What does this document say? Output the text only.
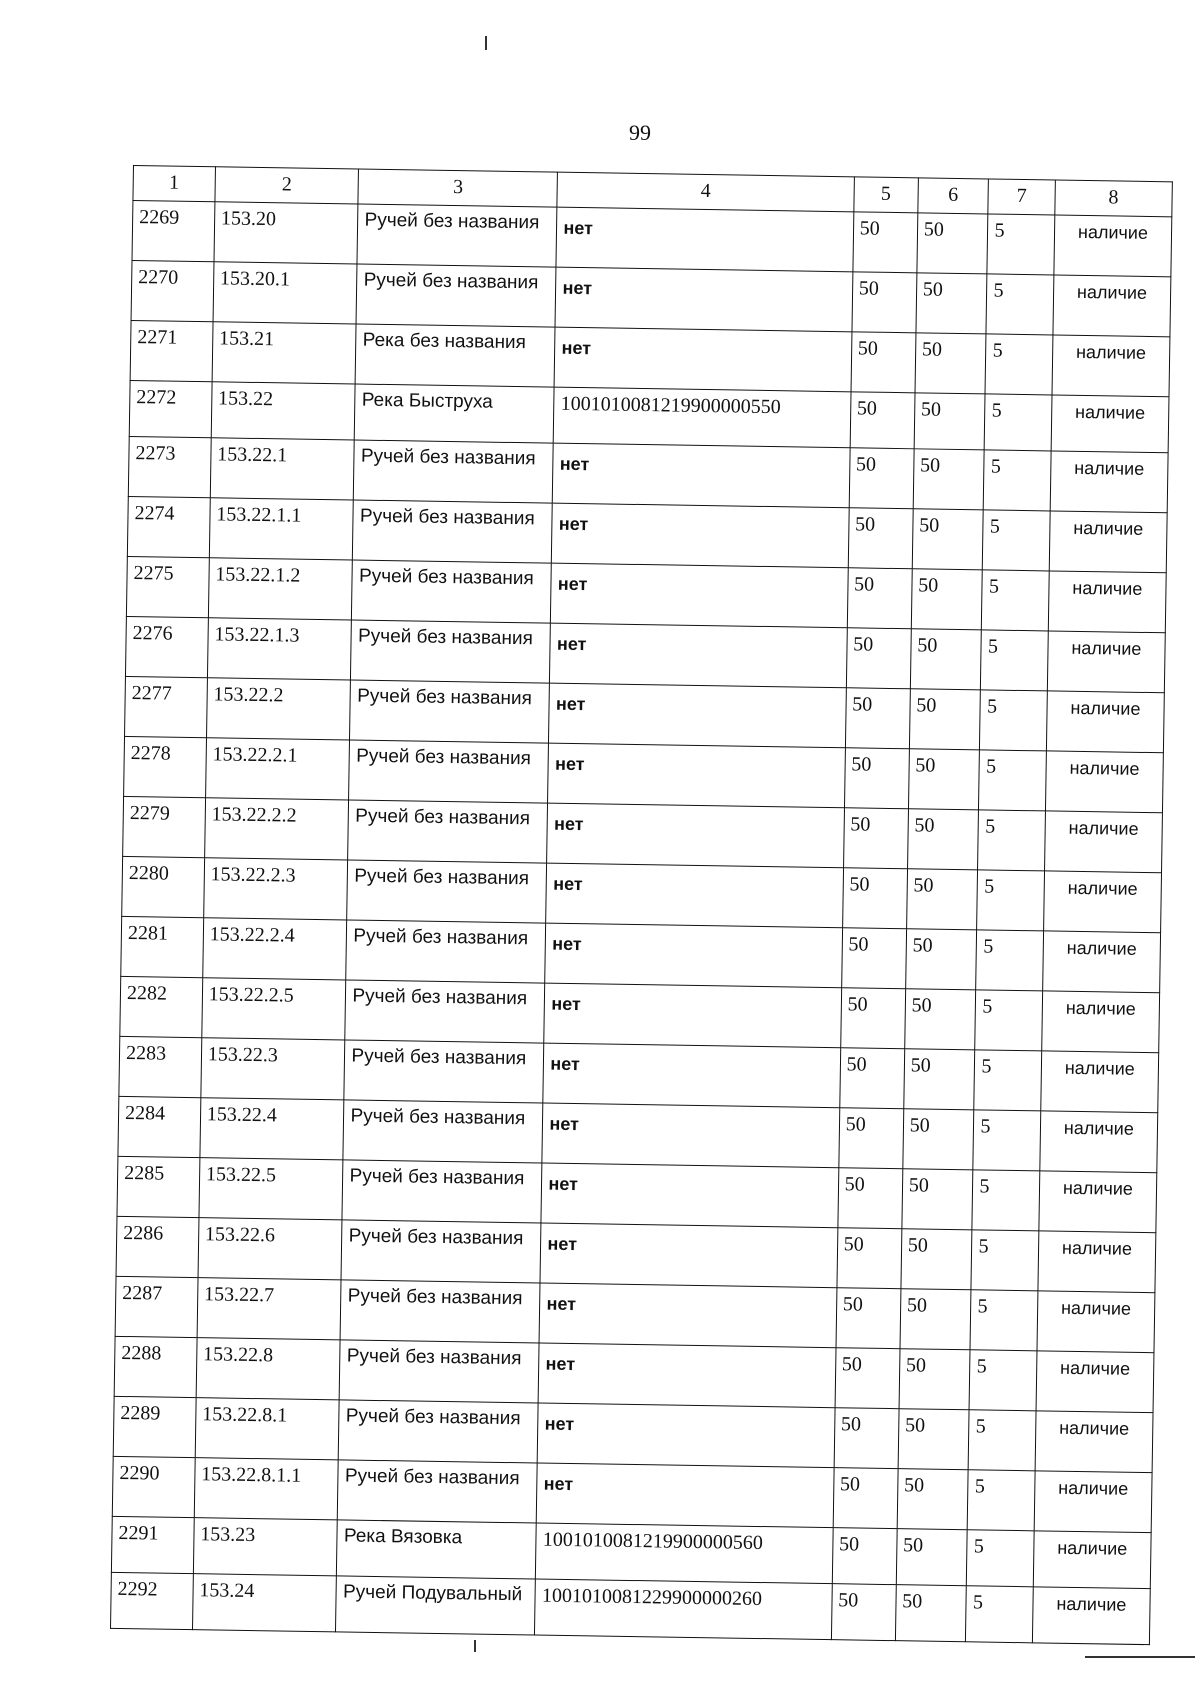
99
1	2	3	4	5	6	7	8
2269	153.20	Ручей без названия	нет	50	50	5	наличие
2270	153.20.1	Ручей без названия	нет	50	50	5	наличие
2271	153.21	Река без названия	нет	50	50	5	наличие
2272	153.22	Река Быструха	1001010081219900000550	50	50	5	наличие
2273	153.22.1	Ручей без названия	нет	50	50	5	наличие
2274	153.22.1.1	Ручей без названия	нет	50	50	5	наличие
2275	153.22.1.2	Ручей без названия	нет	50	50	5	наличие
2276	153.22.1.3	Ручей без названия	нет	50	50	5	наличие
2277	153.22.2	Ручей без названия	нет	50	50	5	наличие
2278	153.22.2.1	Ручей без названия	нет	50	50	5	наличие
2279	153.22.2.2	Ручей без названия	нет	50	50	5	наличие
2280	153.22.2.3	Ручей без названия	нет	50	50	5	наличие
2281	153.22.2.4	Ручей без названия	нет	50	50	5	наличие
2282	153.22.2.5	Ручей без названия	нет	50	50	5	наличие
2283	153.22.3	Ручей без названия	нет	50	50	5	наличие
2284	153.22.4	Ручей без названия	нет	50	50	5	наличие
2285	153.22.5	Ручей без названия	нет	50	50	5	наличие
2286	153.22.6	Ручей без названия	нет	50	50	5	наличие
2287	153.22.7	Ручей без названия	нет	50	50	5	наличие
2288	153.22.8	Ручей без названия	нет	50	50	5	наличие
2289	153.22.8.1	Ручей без названия	нет	50	50	5	наличие
2290	153.22.8.1.1	Ручей без названия	нет	50	50	5	наличие
2291	153.23	Река Вязовка	1001010081219900000560	50	50	5	наличие
2292	153.24	Ручей Подувальный	1001010081229900000260	50	50	5	наличие
